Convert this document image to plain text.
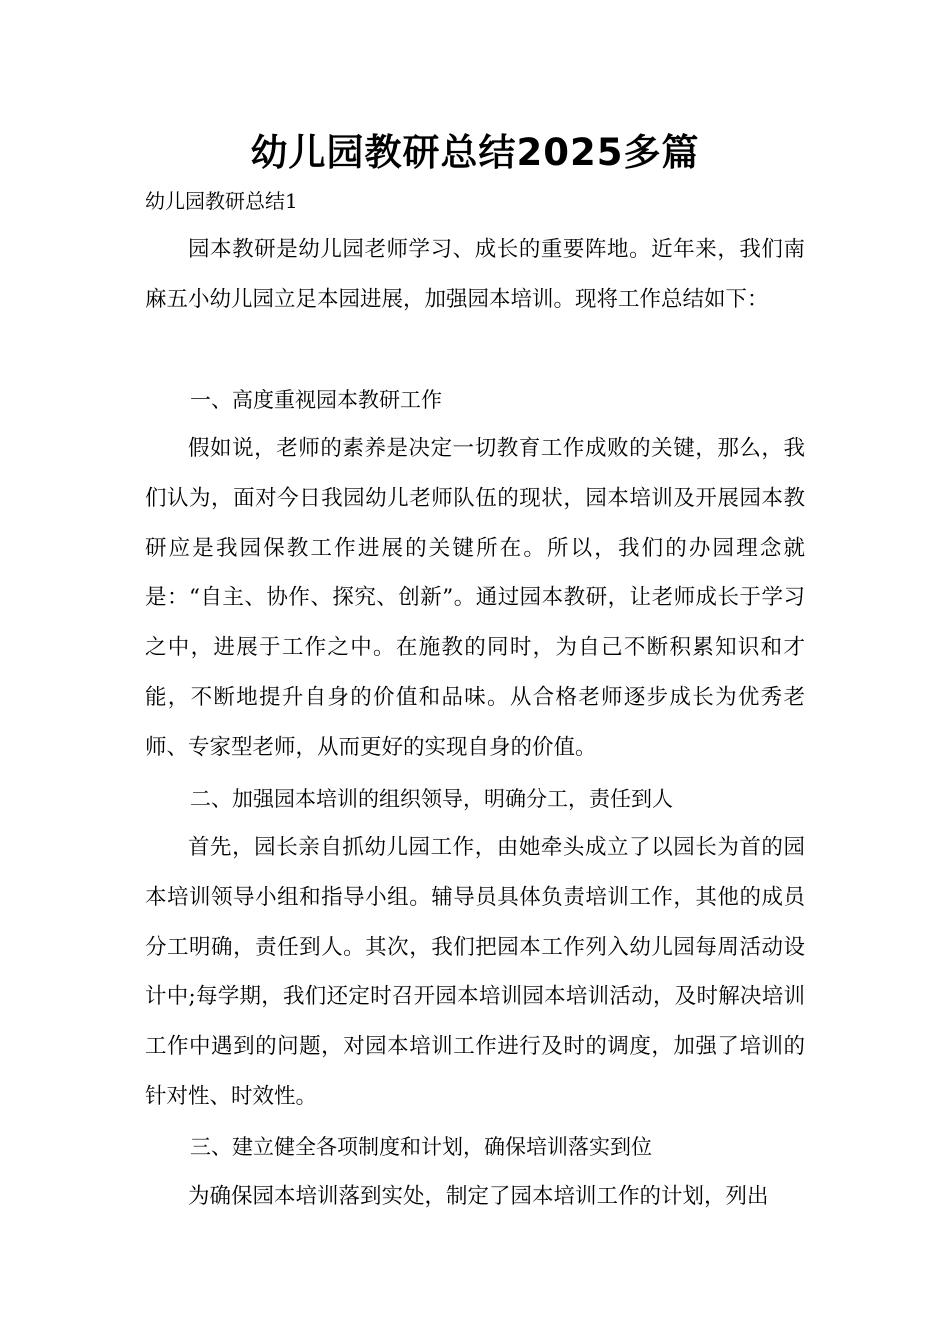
幼儿园教研总结2025多篇
幼儿园教研总结1

园本教研是幼儿园老师学习、成长的重要阵地。近年来，我们南麻五小幼儿园立足本园进展，加强园本培训。现将工作总结如下：

一、高度重视园本教研工作

假如说，老师的素养是决定一切教育工作成败的关键，那么，我们认为，面对今日我园幼儿老师队伍的现状，园本培训及开展园本教研应是我园保教工作进展的关键所在。所以，我们的办园理念就是：“自主、协作、探究、创新”。通过园本教研，让老师成长于学习之中，进展于工作之中。在施教的同时，为自己不断积累知识和才能，不断地提升自身的价值和品味。从合格老师逐步成长为优秀老师、专家型老师，从而更好的实现自身的价值。

二、加强园本培训的组织领导，明确分工，责任到人

首先，园长亲自抓幼儿园工作，由她牵头成立了以园长为首的园本培训领导小组和指导小组。辅导员具体负责培训工作，其他的成员分工明确，责任到人。其次，我们把园本工作列入幼儿园每周活动设计中;每学期，我们还定时召开园本培训园本培训活动，及时解决培训工作中遇到的问题，对园本培训工作进行及时的调度，加强了培训的针对性、时效性。

三、建立健全各项制度和计划，确保培训落实到位

为确保园本培训落到实处，制定了园本培训工作的计划，列出
